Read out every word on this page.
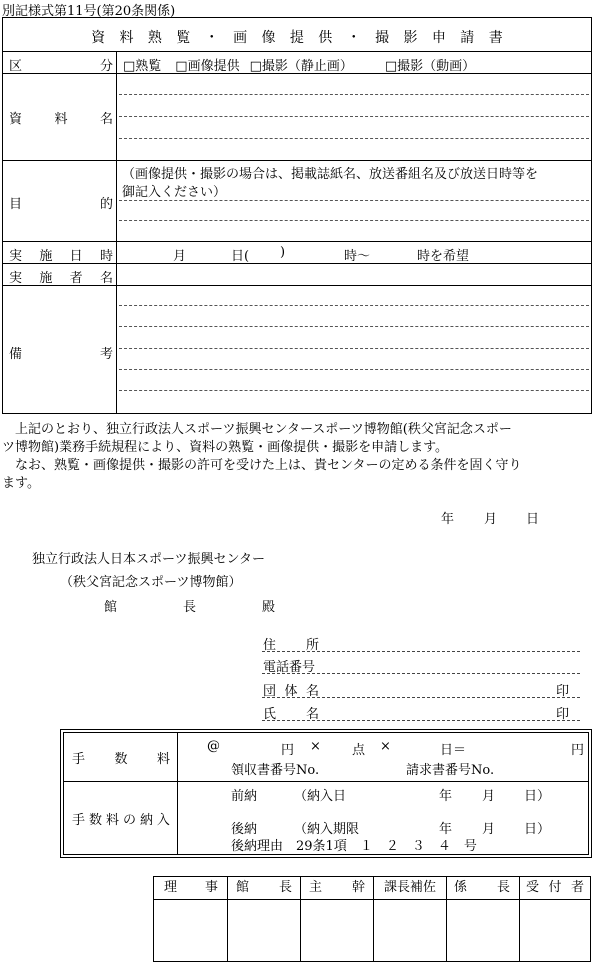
別記様式第11号(第20条関係)
資　料　熟　覧　・　画　像　提　供　・　撮　影　申　請　書
区	分 □熟覧 □画像提供 □撮影（静止画） □撮影（動画）
資 料 名
目	的
（画像提供・撮影の場合は、掲載誌紙名、放送番組名及び放送日時等を
御記入ください）
実 施 日 時	月	日( )	時～	時を希望
実 施 者 名
備	考
　上記のとおり、独立行政法人スポーツ振興センタースポーツ博物館(秩父宮記念スポー
ツ博物館)業務手続規程により、資料の熟覧・画像提供・撮影を申請します。
　なお、熟覧・画像提供・撮影の許可を受けた上は、貴センターの定める条件を固く守り
ます。
年 月 日
独立行政法人日本スポーツ振興センター
（秩父宮記念スポーツ博物館）
館	長	殿
住 所
電話番号
団 体 名	印
氏 名	印
手 数 料
@	円 × 点 ×	日＝	円
領収書番号No.	請求書番号No.
手 数 料 の 納 入
前納	（納入日	年 月 日）
後納	（納入期限	年 月 日）
後納理由　29条1項　１　２　３　４　号
理 事 館 長 主 幹	課長補佐	係 長 受 付 者
